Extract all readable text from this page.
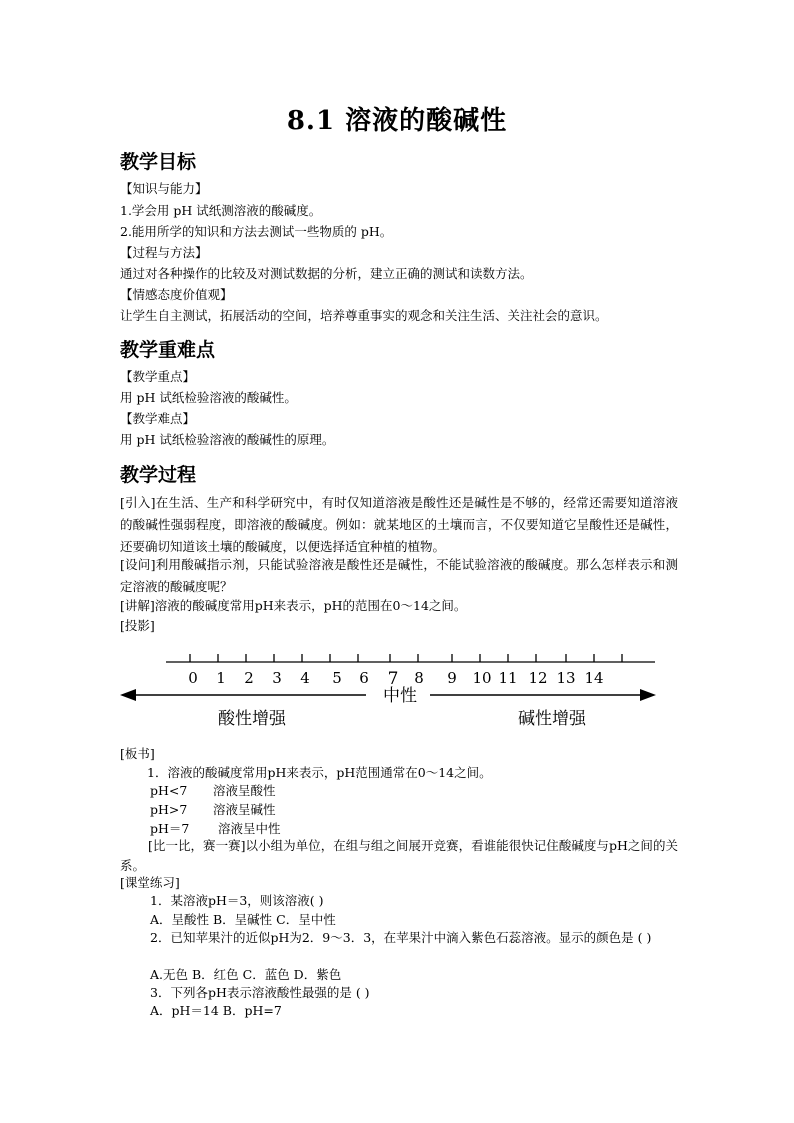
8.1 溶液的酸碱性
教学目标
【知识与能力】
1.学会用 pH 试纸测溶液的酸碱度。
2.能用所学的知识和方法去测试一些物质的 pH。
【过程与方法】
通过对各种操作的比较及对测试数据的分析，建立正确的测试和读数方法。
【情感态度价值观】
让学生自主测试，拓展活动的空间，培养尊重事实的观念和关注生活、关注社会的意识。
教学重难点
【教学重点】
用 pH 试纸检验溶液的酸碱性。
【教学难点】
用 pH 试纸检验溶液的酸碱性的原理。
教学过程
[引入]在生活、生产和科学研究中，有时仅知道溶液是酸性还是碱性是不够的，经常还需要知道溶液的酸碱性强弱程度，即溶液的酸碱度。例如：就某地区的土壤而言，不仅要知道它呈酸性还是碱性，还要确切知道该土壤的酸碱度，以便选择适宜种植的植物。
[设问]利用酸碱指示剂，只能试验溶液是酸性还是碱性，不能试验溶液的酸碱度。那么怎样表示和测定溶液的酸碱度呢？
[讲解]溶液的酸碱度常用pH来表示，pH的范围在0～14之间。
[投影]
0 1 2 3 4 5 6 7 8 9 10 11 12 13 14
中性
酸性增强	碱性增强
[板书]
1．溶液的酸碱度常用pH来表示，pH范围通常在0～14之间。
pH<7 溶液呈酸性
pH>7 溶液呈碱性
pH＝7 溶液呈中性
[比一比，赛一赛]以小组为单位，在组与组之间展开竞赛，看谁能很快记住酸碱度与pH之间的关系。
[课堂练习]
1．某溶液pH＝3，则该溶液( )
A．呈酸性 B．呈碱性 C．呈中性
2．已知苹果汁的近似pH为2．9～3．3，在苹果汁中滴入紫色石蕊溶液。显示的颜色是 ( )
A.无色 B．红色 C．蓝色 D．紫色
3．下列各pH表示溶液酸性最强的是 ( )
A．pH＝14 B．pH=7
